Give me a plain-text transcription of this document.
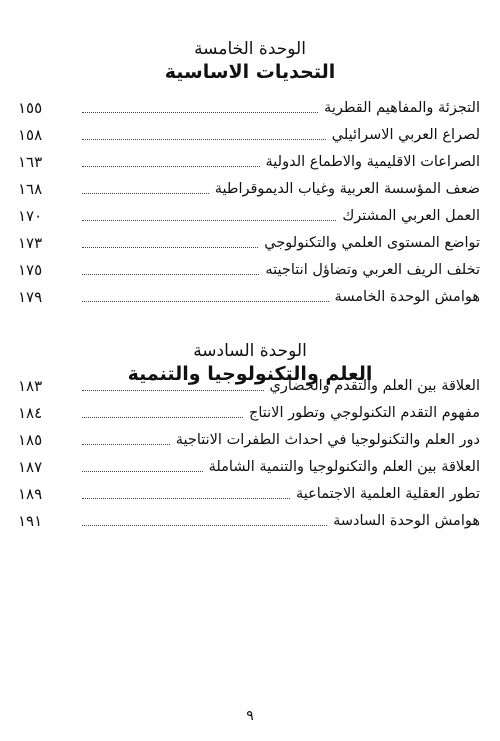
الوحدة الخامسة
التحديات الاساسية
التجزئة والمفاهيم القطرية
١٥٥
لصراع العربي الاسرائيلي
١٥٨
الصراعات الاقليمية والاطماع الدولية
١٦٣
ضعف المؤسسة العربية وغياب الديموقراطية
١٦٨
العمل العربي المشترك
١٧٠
تواضع المستوى العلمي والتكنولوجي
١٧٣
تخلف الريف العربي وتضاؤل انتاجيته
١٧٥
هوامش الوحدة الخامسة
١٧٩
الوحدة السادسة
العلم والتكنولوجيا والتنمية
العلاقة بين العلم والتقدم والحضاري
١٨٣
مفهوم التقدم التكنولوجي وتطور الانتاج
١٨٤
دور العلم والتكنولوجيا في احداث الطفرات الانتاجية
١٨٥
العلاقة بين العلم والتكنولوجيا والتنمية الشاملة
١٨٧
تطور العقلية العلمية الاجتماعية
١٨٩
هوامش الوحدة السادسة
١٩١
٩
